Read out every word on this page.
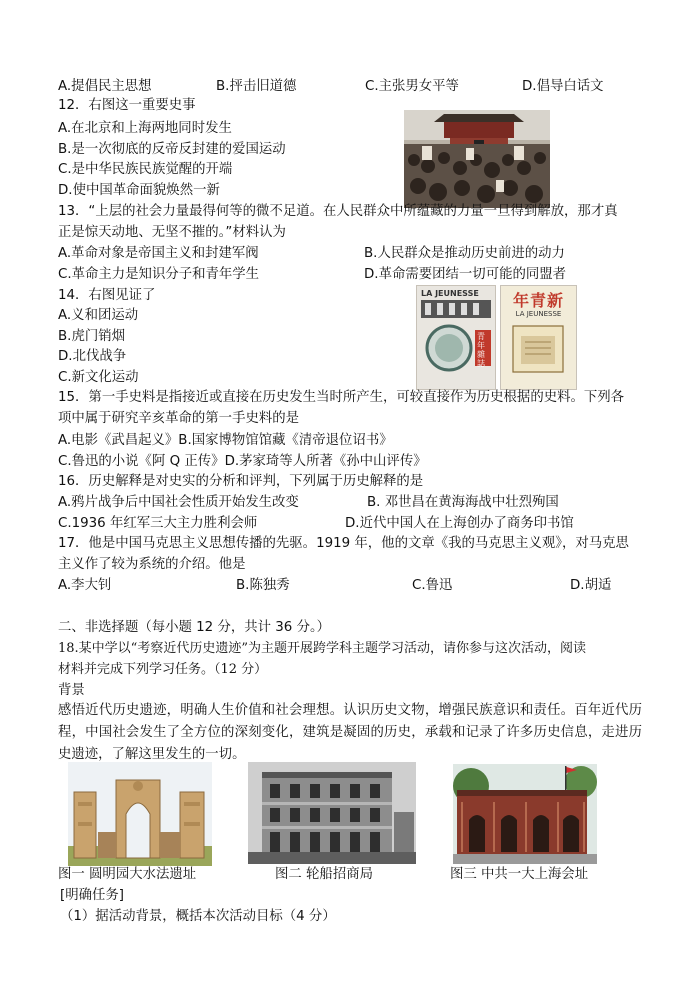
A.提倡民主思想	B.抨击旧道德	C.主张男女平等	D.倡导白话文
12．右图这一重要史事
A.在北京和上海两地同时发生
B.是一次彻底的反帝反封建的爱国运动
C.是中华民族民族觉醒的开端
D.使中国革命面貌焕然一新
13．“上层的社会力量最得何等的微不足道。在人民群众中所蕴藏的力量一旦得到解放，那才真
正是惊天动地、无坚不摧的。”材料认为
A.革命对象是帝国主义和封建军阀	B.人民群众是推动历史前进的动力
C.革命主力是知识分子和青年学生	D.革命需要团结一切可能的同盟者
14．右图见证了
A.义和团运动
B.虎门销烟
D.北伐战争
C.新文化运动
LA JEUNESSE
青年雜誌
年青新
LA JEUNESSE
15．第一手史料是指接近或直接在历史发生当时所产生，可较直接作为历史根据的史料。下列各
项中属于研究辛亥革命的第一手史料的是
A.电影《武昌起义》B.国家博物馆馆藏《清帝退位诏书》
C.鲁迅的小说《阿 Q 正传》D.茅家琦等人所著《孙中山评传》
16．历史解释是对史实的分析和评判，下列属于历史解释的是
A.鸦片战争后中国社会性质开始发生改变	B. 邓世昌在黄海海战中壮烈殉国
C.1936 年红军三大主力胜利会师	D.近代中国人在上海创办了商务印书馆
17．他是中国马克思主义思想传播的先驱。1919 年，他的文章《我的马克思主义观》，对马克思
主义作了较为系统的介绍。他是
A.李大钊	B.陈独秀	C.鲁迅	D.胡适
二、非选择题（每小题 12 分，共计 36 分。）
18.某中学以“考察近代历史遗迹”为主题开展跨学科主题学习活动，请你参与这次活动，阅读
材料并完成下列学习任务。（12 分）
背景
感悟近代历史遗迹，明确人生价值和社会理想。认识历史文物，增强民族意识和责任。百年近代历程，中国社会发生了全方位的深刻变化，建筑是凝固的历史，承载和记录了许多历史信息，走进历史遗迹，了解这里发生的一切。
图一 圆明园大水法遗址	图二 轮船招商局	图三 中共一大上海会址
[明确任务]
（1）据活动背景，概括本次活动目标（4 分）
